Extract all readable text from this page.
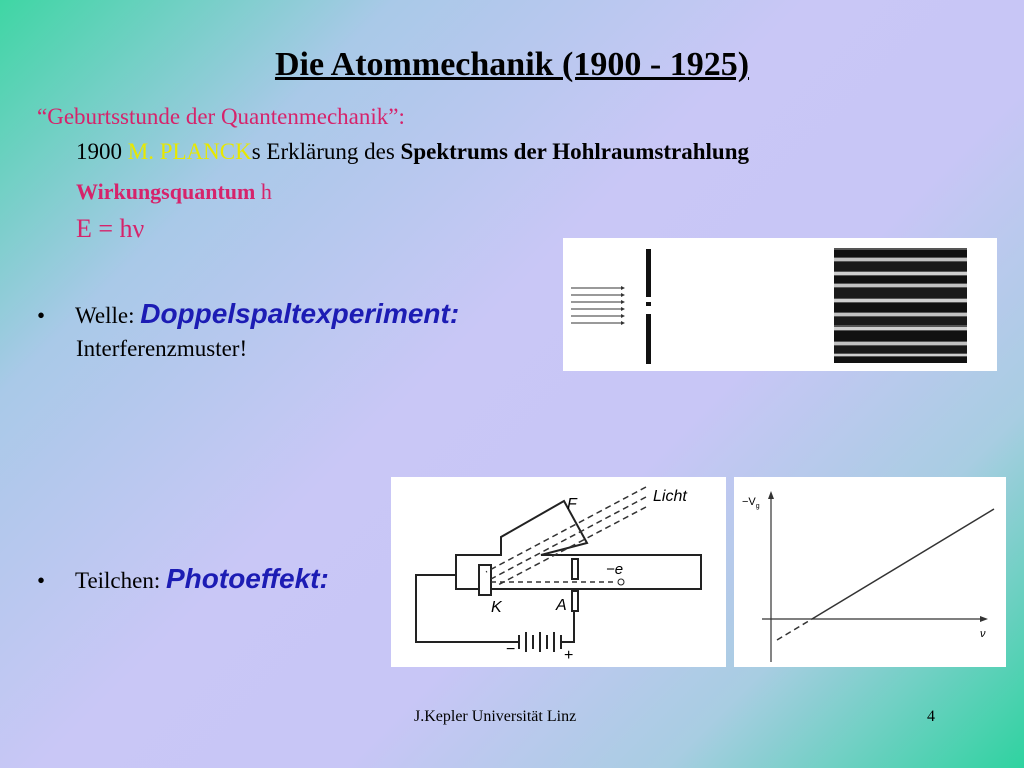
Die Atommechanik (1900 - 1925)
“Geburtsstunde der Quantenmechanik”:
1900 M. PLANCKs Erklärung des Spektrums der Hohlraumstrahlung
Wirkungsquantum h
E = hν
• Welle: Doppelspaltexperiment:
Interferenzmuster!
• Teilchen: Photoeffekt:
Licht
F
−e
K	A
−	+
$-V_g$
ν
J.Kepler Universität Linz	4
